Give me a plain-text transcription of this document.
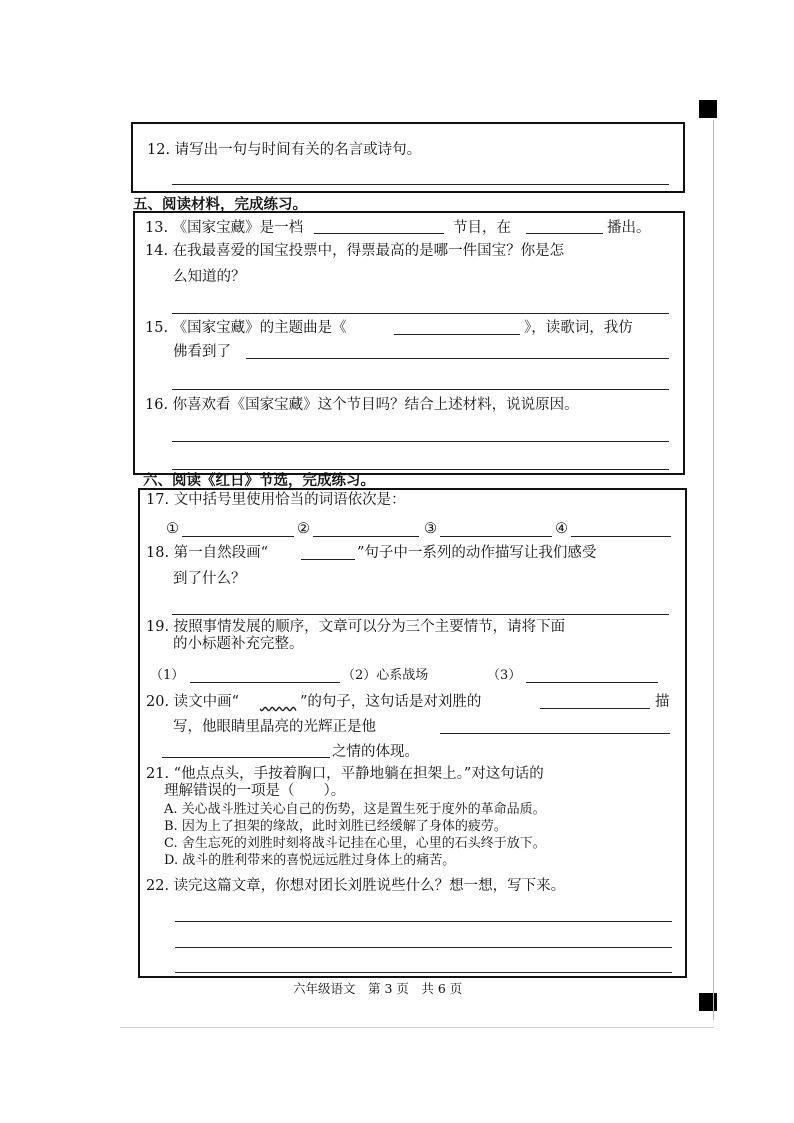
12. 请写出一句与时间有关的名言或诗句。
五、阅读材料，完成练习。
13. 《国家宝藏》是一档	节目，在	播出。
14. 在我最喜爱的国宝投票中，得票最高的是哪一件国宝？你是怎
么知道的？
15. 《国家宝藏》的主题曲是《	》，读歌词，我仿
佛看到了
16. 你喜欢看《国家宝藏》这个节目吗？结合上述材料，说说原因。
六、阅读《红日》节选，完成练习。
17. 文中括号里使用恰当的词语依次是：
①	②	③	④
18. 第一自然段画“	”句子中一系列的动作描写让我们感受
到了什么？
19. 按照事情发展的顺序，文章可以分为三个主要情节，请将下面
的小标题补充完整。
（1）	（2）心系战场	（3）
20. 读文中画“	”的句子，这句话是对刘胜的	描
写，他眼睛里晶亮的光辉正是他
之情的体现。
21. “他点点头，手按着胸口，平静地躺在担架上。”对这句话的
理解错误的一项是（　　）。
A. 关心战斗胜过关心自己的伤势，这是置生死于度外的革命品质。
B. 因为上了担架的缘故，此时刘胜已经缓解了身体的疲劳。
C. 舍生忘死的刘胜时刻将战斗记挂在心里，心里的石头终于放下。
D. 战斗的胜利带来的喜悦远远胜过身体上的痛苦。
22. 读完这篇文章，你想对团长刘胜说些什么？想一想，写下来。
六年级语文　第 3 页　共 6 页
